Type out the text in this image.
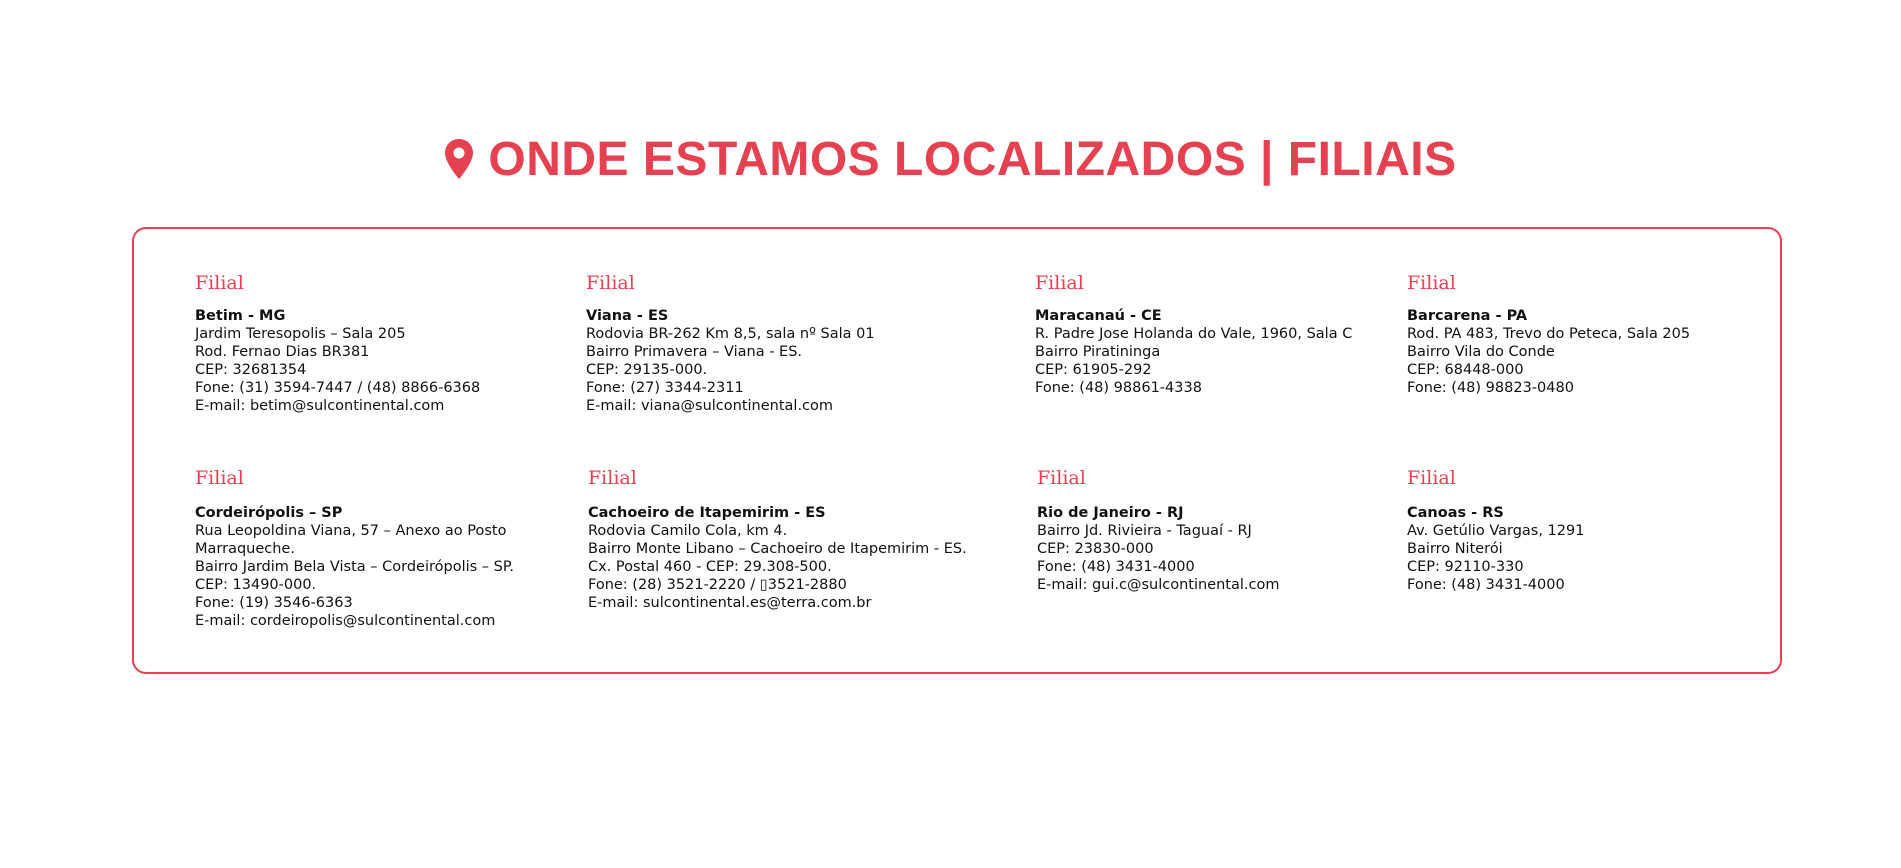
ONDE ESTAMOS LOCALIZADOS | FILIAIS
Filial
Betim - MG
Jardim Teresopolis – Sala 205
Rod. Fernao Dias BR381
CEP: 32681354
Fone: (31) 3594-7447 / (48) 8866-6368
E-mail: betim@sulcontinental.com
Filial
Viana - ES
Rodovia BR-262 Km 8,5, sala nº Sala 01
Bairro Primavera – Viana - ES.
CEP: 29135-000.
Fone: (27) 3344-2311
E-mail: viana@sulcontinental.com
Filial
Maracanaú - CE
R. Padre Jose Holanda do Vale, 1960, Sala C
Bairro Piratininga
CEP: 61905-292
Fone: (48) 98861-4338
Filial
Barcarena - PA
Rod. PA 483, Trevo do Peteca, Sala 205
Bairro Vila do Conde
CEP: 68448-000
Fone: (48) 98823-0480
Filial
Cordeirópolis – SP
Rua Leopoldina Viana, 57 – Anexo ao Posto
Marraqueche.
Bairro Jardim Bela Vista – Cordeirópolis – SP.
CEP: 13490-000.
Fone: (19) 3546-6363
E-mail: cordeiropolis@sulcontinental.com
Filial
Cachoeiro de Itapemirim - ES
Rodovia Camilo Cola, km 4.
Bairro Monte Libano – Cachoeiro de Itapemirim - ES.
Cx. Postal 460 - CEP: 29.308-500.
Fone: (28) 3521-2220 / ▯3521-2880
E-mail: sulcontinental.es@terra.com.br
Filial
Rio de Janeiro - RJ
Bairro Jd. Rivieira - Taguaí - RJ
CEP: 23830-000
Fone: (48) 3431-4000
E-mail: gui.c@sulcontinental.com
Filial
Canoas - RS
Av. Getúlio Vargas, 1291
Bairro Niterói
CEP: 92110-330
Fone: (48) 3431-4000
